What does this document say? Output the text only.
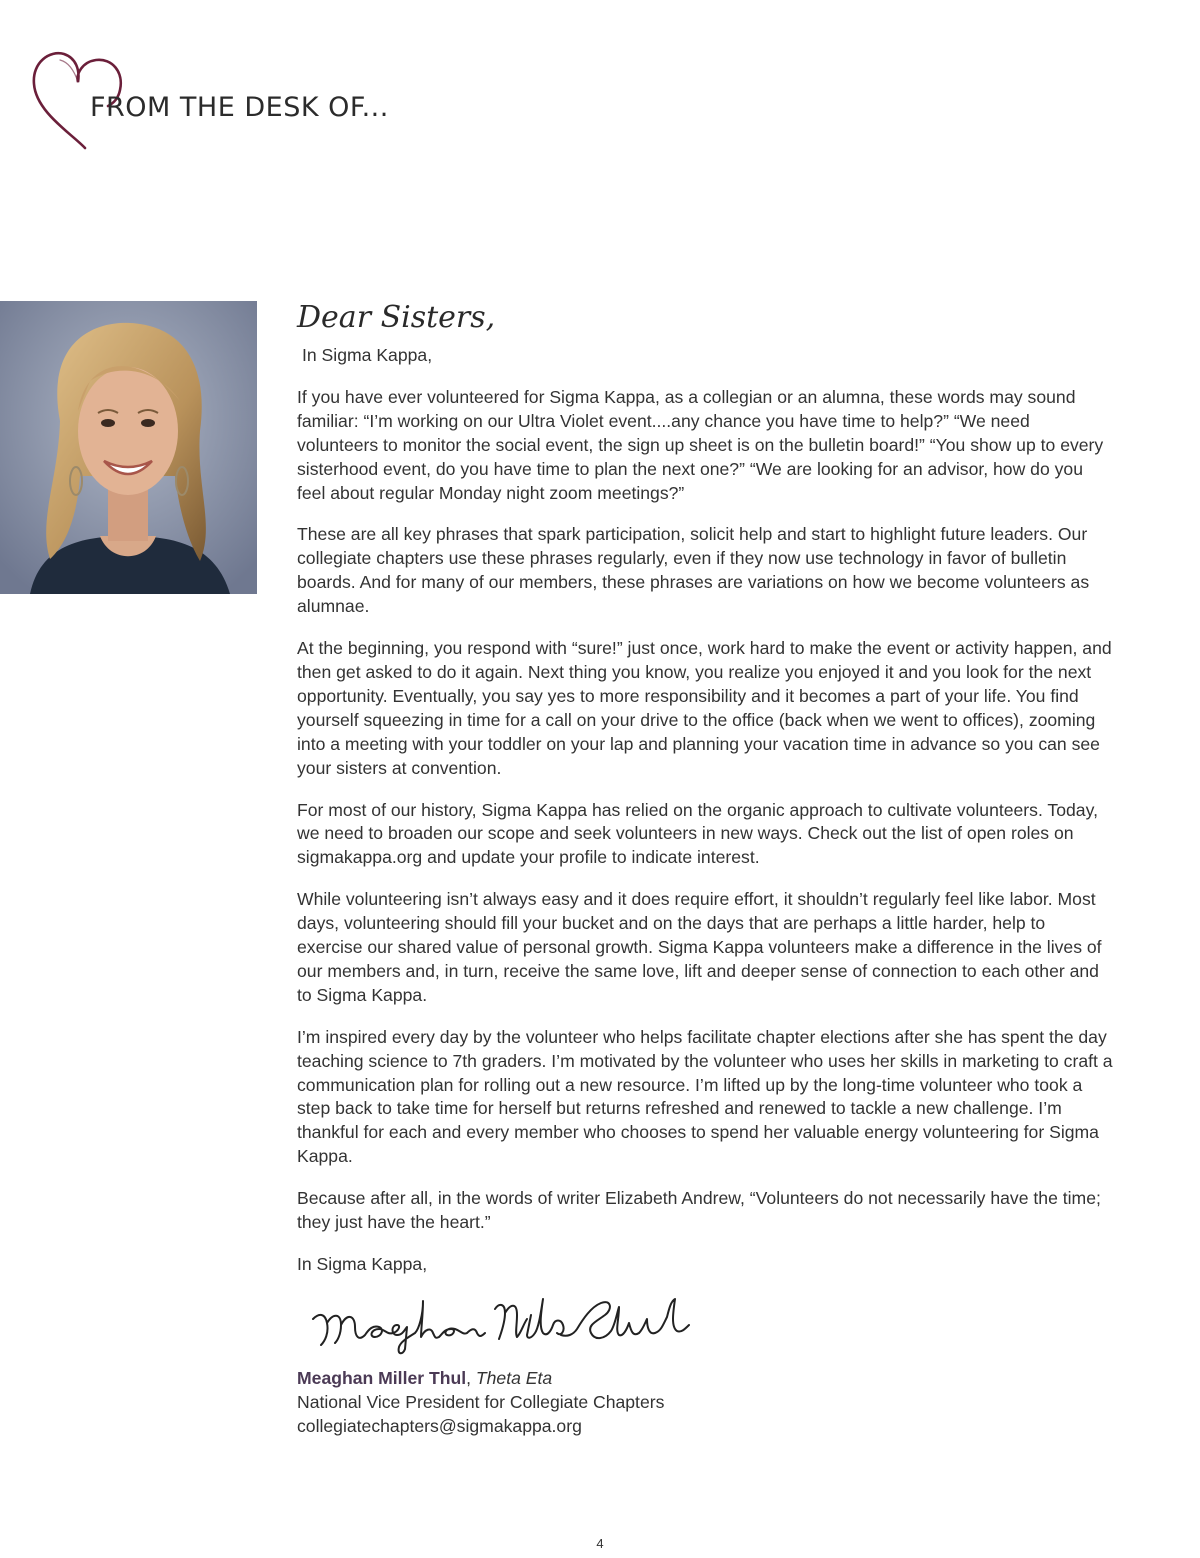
FROM THE DESK OF...
Dear Sisters,

In Sigma Kappa,

If you have ever volunteered for Sigma Kappa, as a collegian or an alumna, these words may sound familiar: “I’m working on our Ultra Violet event....any chance you have time to help?” “We need volunteers to monitor the social event, the sign up sheet is on the bulletin board!” “You show up to every sisterhood event, do you have time to plan the next one?” “We are looking for an advisor, how do you feel about regular Monday night zoom meetings?”

These are all key phrases that spark participation, solicit help and start to highlight future leaders. Our collegiate chapters use these phrases regularly, even if they now use technology in favor of bulletin boards. And for many of our members, these phrases are variations on how we become volunteers as alumnae.

At the beginning, you respond with “sure!” just once, work hard to make the event or activity happen, and then get asked to do it again. Next thing you know, you realize you enjoyed it and you look for the next opportunity. Eventually, you say yes to more responsibility and it becomes a part of your life. You find yourself squeezing in time for a call on your drive to the office (back when we went to offices), zooming into a meeting with your toddler on your lap and planning your vacation time in advance so you can see your sisters at convention.

For most of our history, Sigma Kappa has relied on the organic approach to cultivate volunteers. Today, we need to broaden our scope and seek volunteers in new ways. Check out the list of open roles on sigmakappa.org and update your profile to indicate interest.

While volunteering isn’t always easy and it does require effort, it shouldn’t regularly feel like labor. Most days, volunteering should fill your bucket and on the days that are perhaps a little harder, help to exercise our shared value of personal growth. Sigma Kappa volunteers make a difference in the lives of our members and, in turn, receive the same love, lift and deeper sense of connection to each other and to Sigma Kappa.

I’m inspired every day by the volunteer who helps facilitate chapter elections after she has spent the day teaching science to 7th graders. I’m motivated by the volunteer who uses her skills in marketing to craft a communication plan for rolling out a new resource. I’m lifted up by the long-time volunteer who took a step back to take time for herself but returns refreshed and renewed to tackle a new challenge. I’m thankful for each and every member who chooses to spend her valuable energy volunteering for Sigma Kappa.

Because after all, in the words of writer Elizabeth Andrew, “Volunteers do not necessarily have the time; they just have the heart.”

In Sigma Kappa,

Meaghan Miller Thul, Theta Eta

National Vice President for Collegiate Chapters

collegiatechapters@sigmakappa.org

4
